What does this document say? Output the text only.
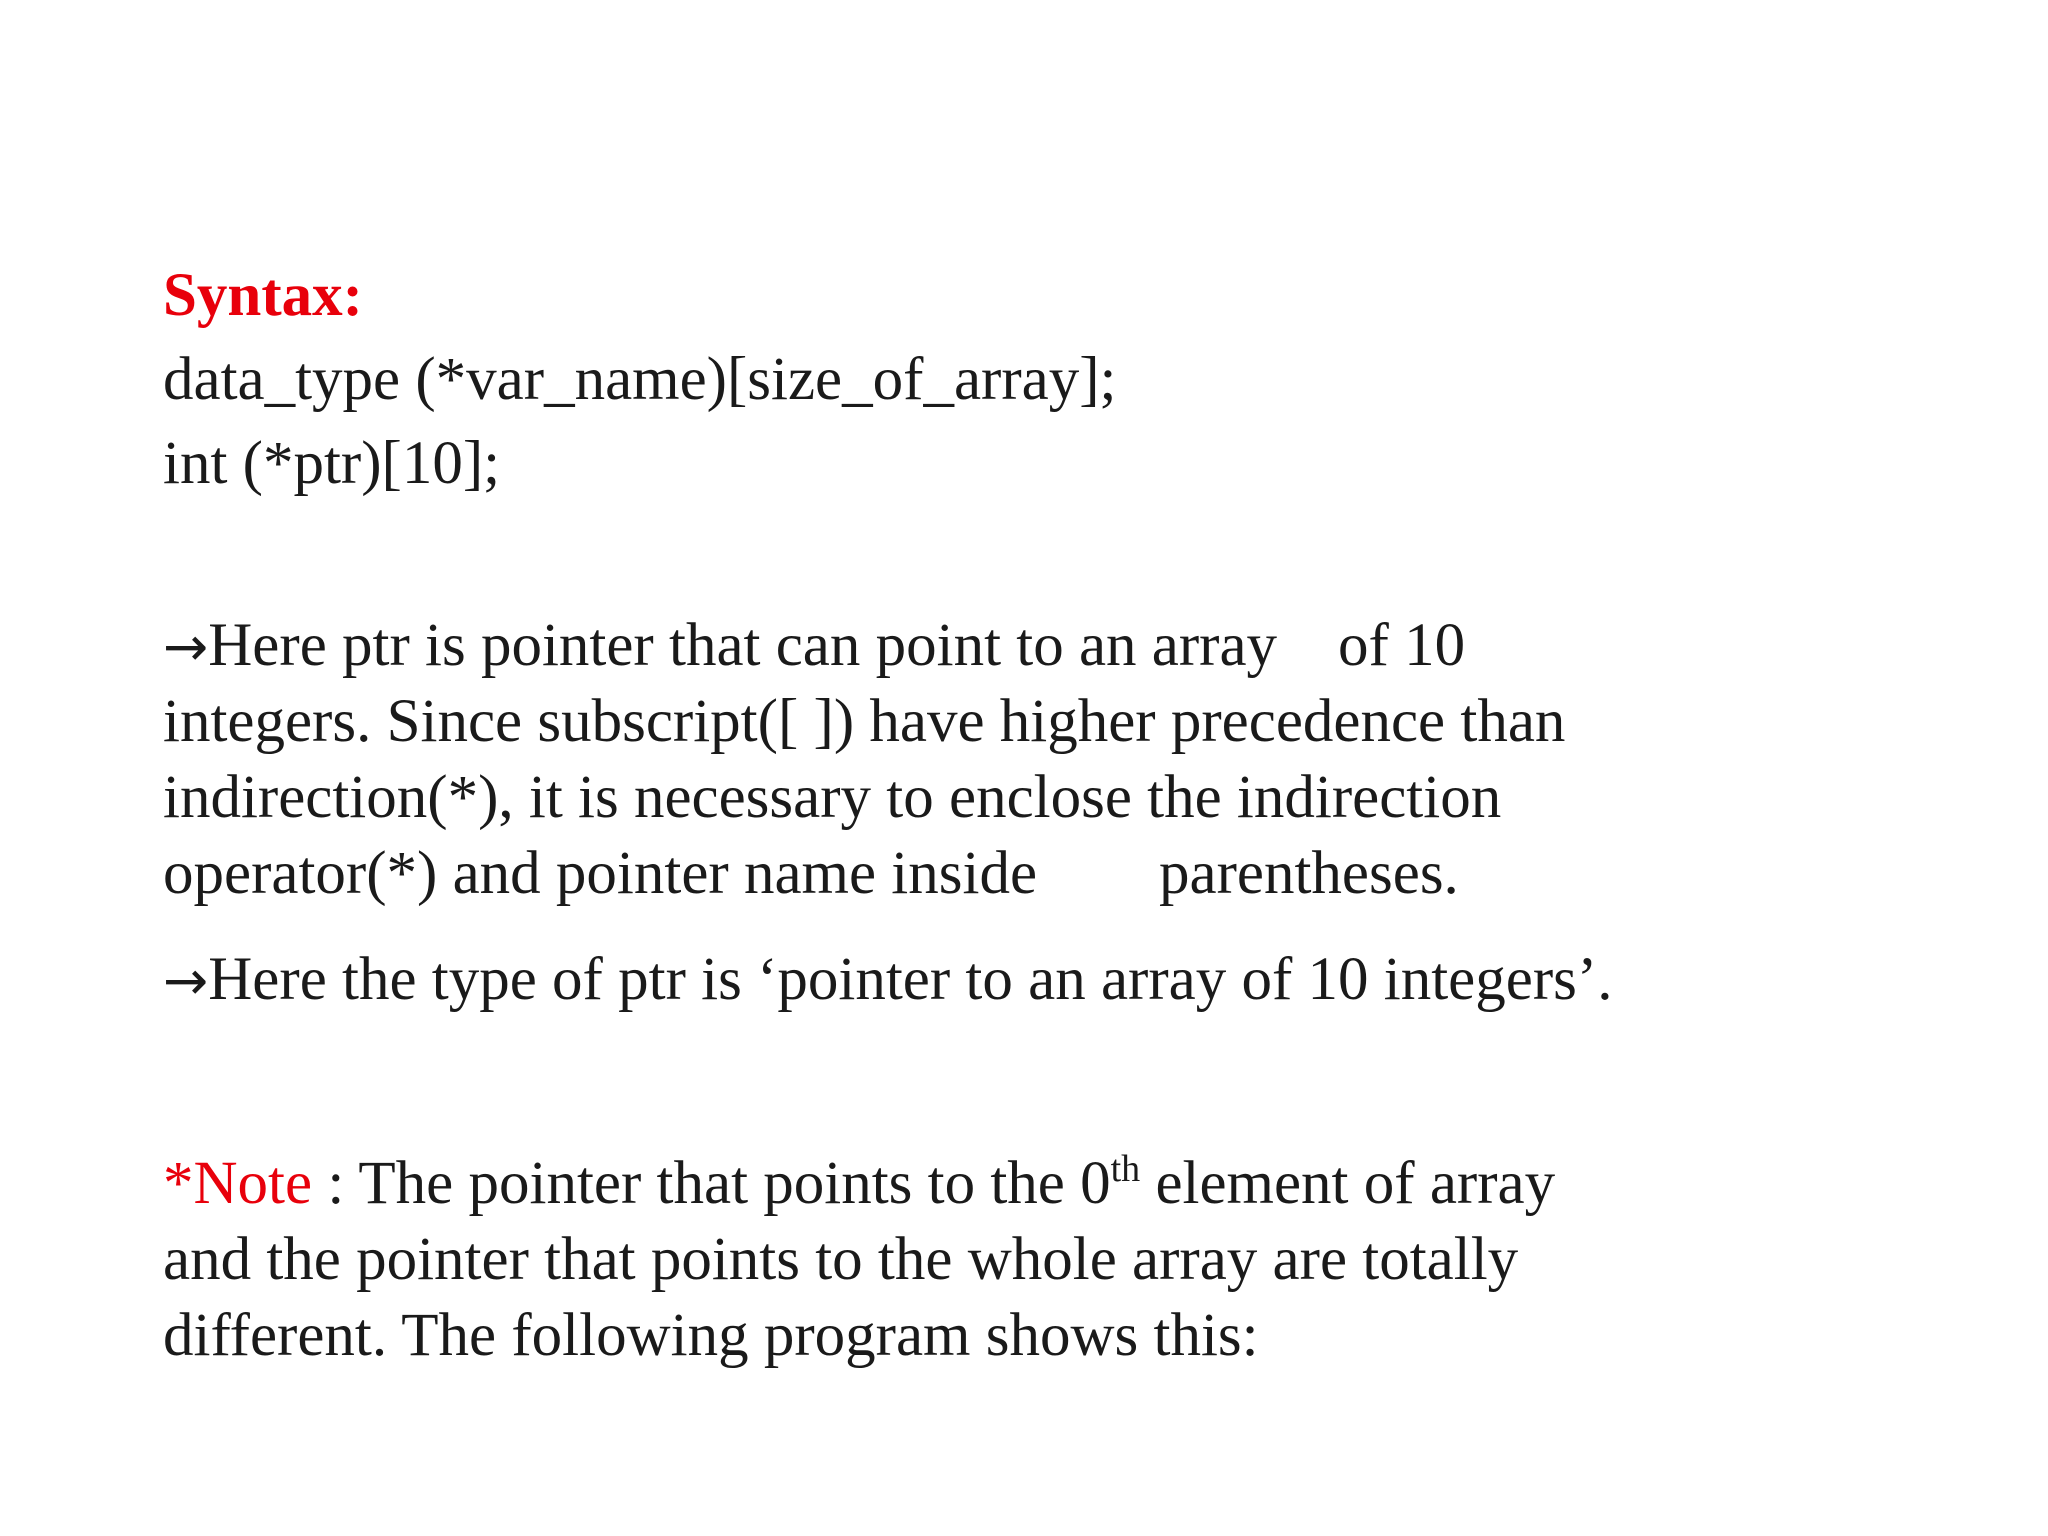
Syntax:

data_type (*var_name)[size_of_array];

int (*ptr)[10];

→Here ptr is pointer that can point to an array    of 10

integers. Since subscript([ ]) have higher precedence than

indirection(*), it is necessary to enclose the indirection

operator(*) and pointer name inside        parentheses.

→Here the type of ptr is ‘pointer to an array of 10 integers’.

*Note : The pointer that points to the 0th element of array

and the pointer that points to the whole array are totally

different. The following program shows this:
